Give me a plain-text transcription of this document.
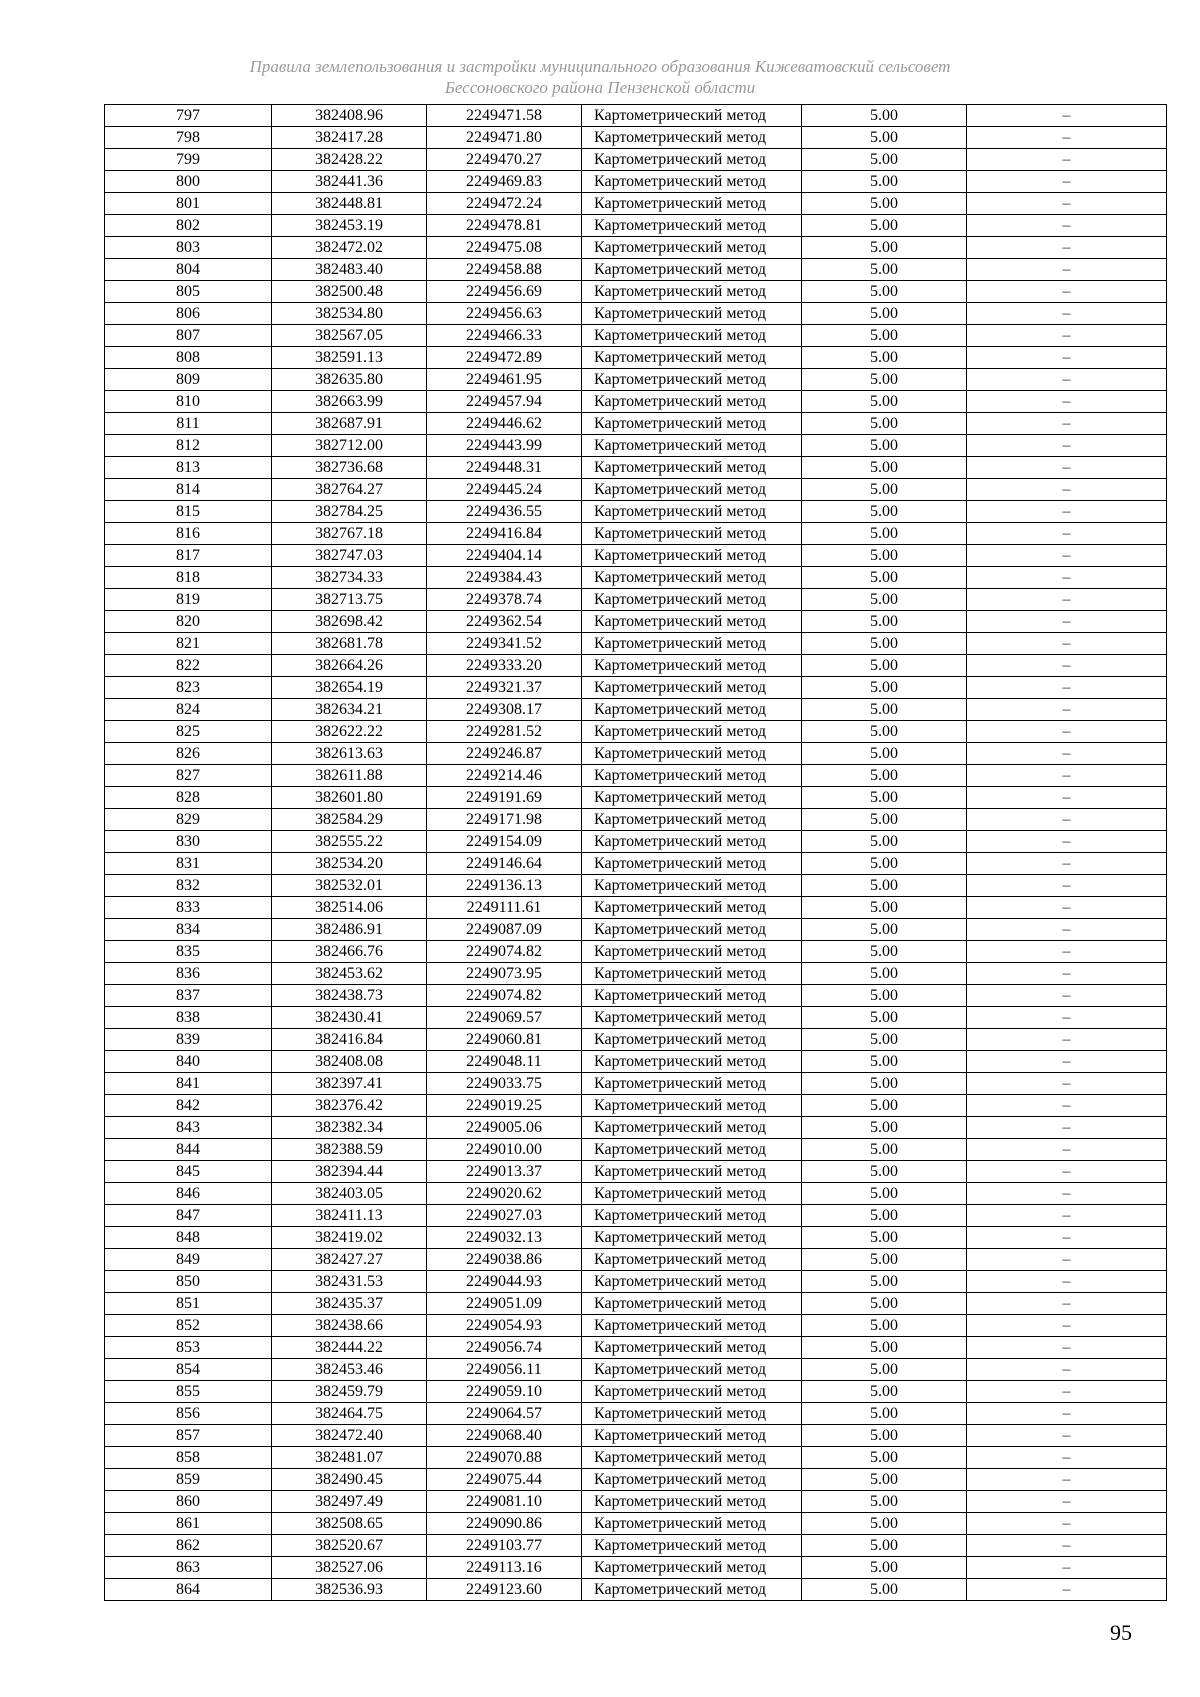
Правила землепользования и застройки муниципального образования Кижеватовский сельсовет
Бессоновского района Пензенской области
797	382408.96	2249471.58	Картометрический метод	5.00	–
798	382417.28	2249471.80	Картометрический метод	5.00	–
799	382428.22	2249470.27	Картометрический метод	5.00	–
800	382441.36	2249469.83	Картометрический метод	5.00	–
801	382448.81	2249472.24	Картометрический метод	5.00	–
802	382453.19	2249478.81	Картометрический метод	5.00	–
803	382472.02	2249475.08	Картометрический метод	5.00	–
804	382483.40	2249458.88	Картометрический метод	5.00	–
805	382500.48	2249456.69	Картометрический метод	5.00	–
806	382534.80	2249456.63	Картометрический метод	5.00	–
807	382567.05	2249466.33	Картометрический метод	5.00	–
808	382591.13	2249472.89	Картометрический метод	5.00	–
809	382635.80	2249461.95	Картометрический метод	5.00	–
810	382663.99	2249457.94	Картометрический метод	5.00	–
811	382687.91	2249446.62	Картометрический метод	5.00	–
812	382712.00	2249443.99	Картометрический метод	5.00	–
813	382736.68	2249448.31	Картометрический метод	5.00	–
814	382764.27	2249445.24	Картометрический метод	5.00	–
815	382784.25	2249436.55	Картометрический метод	5.00	–
816	382767.18	2249416.84	Картометрический метод	5.00	–
817	382747.03	2249404.14	Картометрический метод	5.00	–
818	382734.33	2249384.43	Картометрический метод	5.00	–
819	382713.75	2249378.74	Картометрический метод	5.00	–
820	382698.42	2249362.54	Картометрический метод	5.00	–
821	382681.78	2249341.52	Картометрический метод	5.00	–
822	382664.26	2249333.20	Картометрический метод	5.00	–
823	382654.19	2249321.37	Картометрический метод	5.00	–
824	382634.21	2249308.17	Картометрический метод	5.00	–
825	382622.22	2249281.52	Картометрический метод	5.00	–
826	382613.63	2249246.87	Картометрический метод	5.00	–
827	382611.88	2249214.46	Картометрический метод	5.00	–
828	382601.80	2249191.69	Картометрический метод	5.00	–
829	382584.29	2249171.98	Картометрический метод	5.00	–
830	382555.22	2249154.09	Картометрический метод	5.00	–
831	382534.20	2249146.64	Картометрический метод	5.00	–
832	382532.01	2249136.13	Картометрический метод	5.00	–
833	382514.06	2249111.61	Картометрический метод	5.00	–
834	382486.91	2249087.09	Картометрический метод	5.00	–
835	382466.76	2249074.82	Картометрический метод	5.00	–
836	382453.62	2249073.95	Картометрический метод	5.00	–
837	382438.73	2249074.82	Картометрический метод	5.00	–
838	382430.41	2249069.57	Картометрический метод	5.00	–
839	382416.84	2249060.81	Картометрический метод	5.00	–
840	382408.08	2249048.11	Картометрический метод	5.00	–
841	382397.41	2249033.75	Картометрический метод	5.00	–
842	382376.42	2249019.25	Картометрический метод	5.00	–
843	382382.34	2249005.06	Картометрический метод	5.00	–
844	382388.59	2249010.00	Картометрический метод	5.00	–
845	382394.44	2249013.37	Картометрический метод	5.00	–
846	382403.05	2249020.62	Картометрический метод	5.00	–
847	382411.13	2249027.03	Картометрический метод	5.00	–
848	382419.02	2249032.13	Картометрический метод	5.00	–
849	382427.27	2249038.86	Картометрический метод	5.00	–
850	382431.53	2249044.93	Картометрический метод	5.00	–
851	382435.37	2249051.09	Картометрический метод	5.00	–
852	382438.66	2249054.93	Картометрический метод	5.00	–
853	382444.22	2249056.74	Картометрический метод	5.00	–
854	382453.46	2249056.11	Картометрический метод	5.00	–
855	382459.79	2249059.10	Картометрический метод	5.00	–
856	382464.75	2249064.57	Картометрический метод	5.00	–
857	382472.40	2249068.40	Картометрический метод	5.00	–
858	382481.07	2249070.88	Картометрический метод	5.00	–
859	382490.45	2249075.44	Картометрический метод	5.00	–
860	382497.49	2249081.10	Картометрический метод	5.00	–
861	382508.65	2249090.86	Картометрический метод	5.00	–
862	382520.67	2249103.77	Картометрический метод	5.00	–
863	382527.06	2249113.16	Картометрический метод	5.00	–
864	382536.93	2249123.60	Картометрический метод	5.00	–
95
